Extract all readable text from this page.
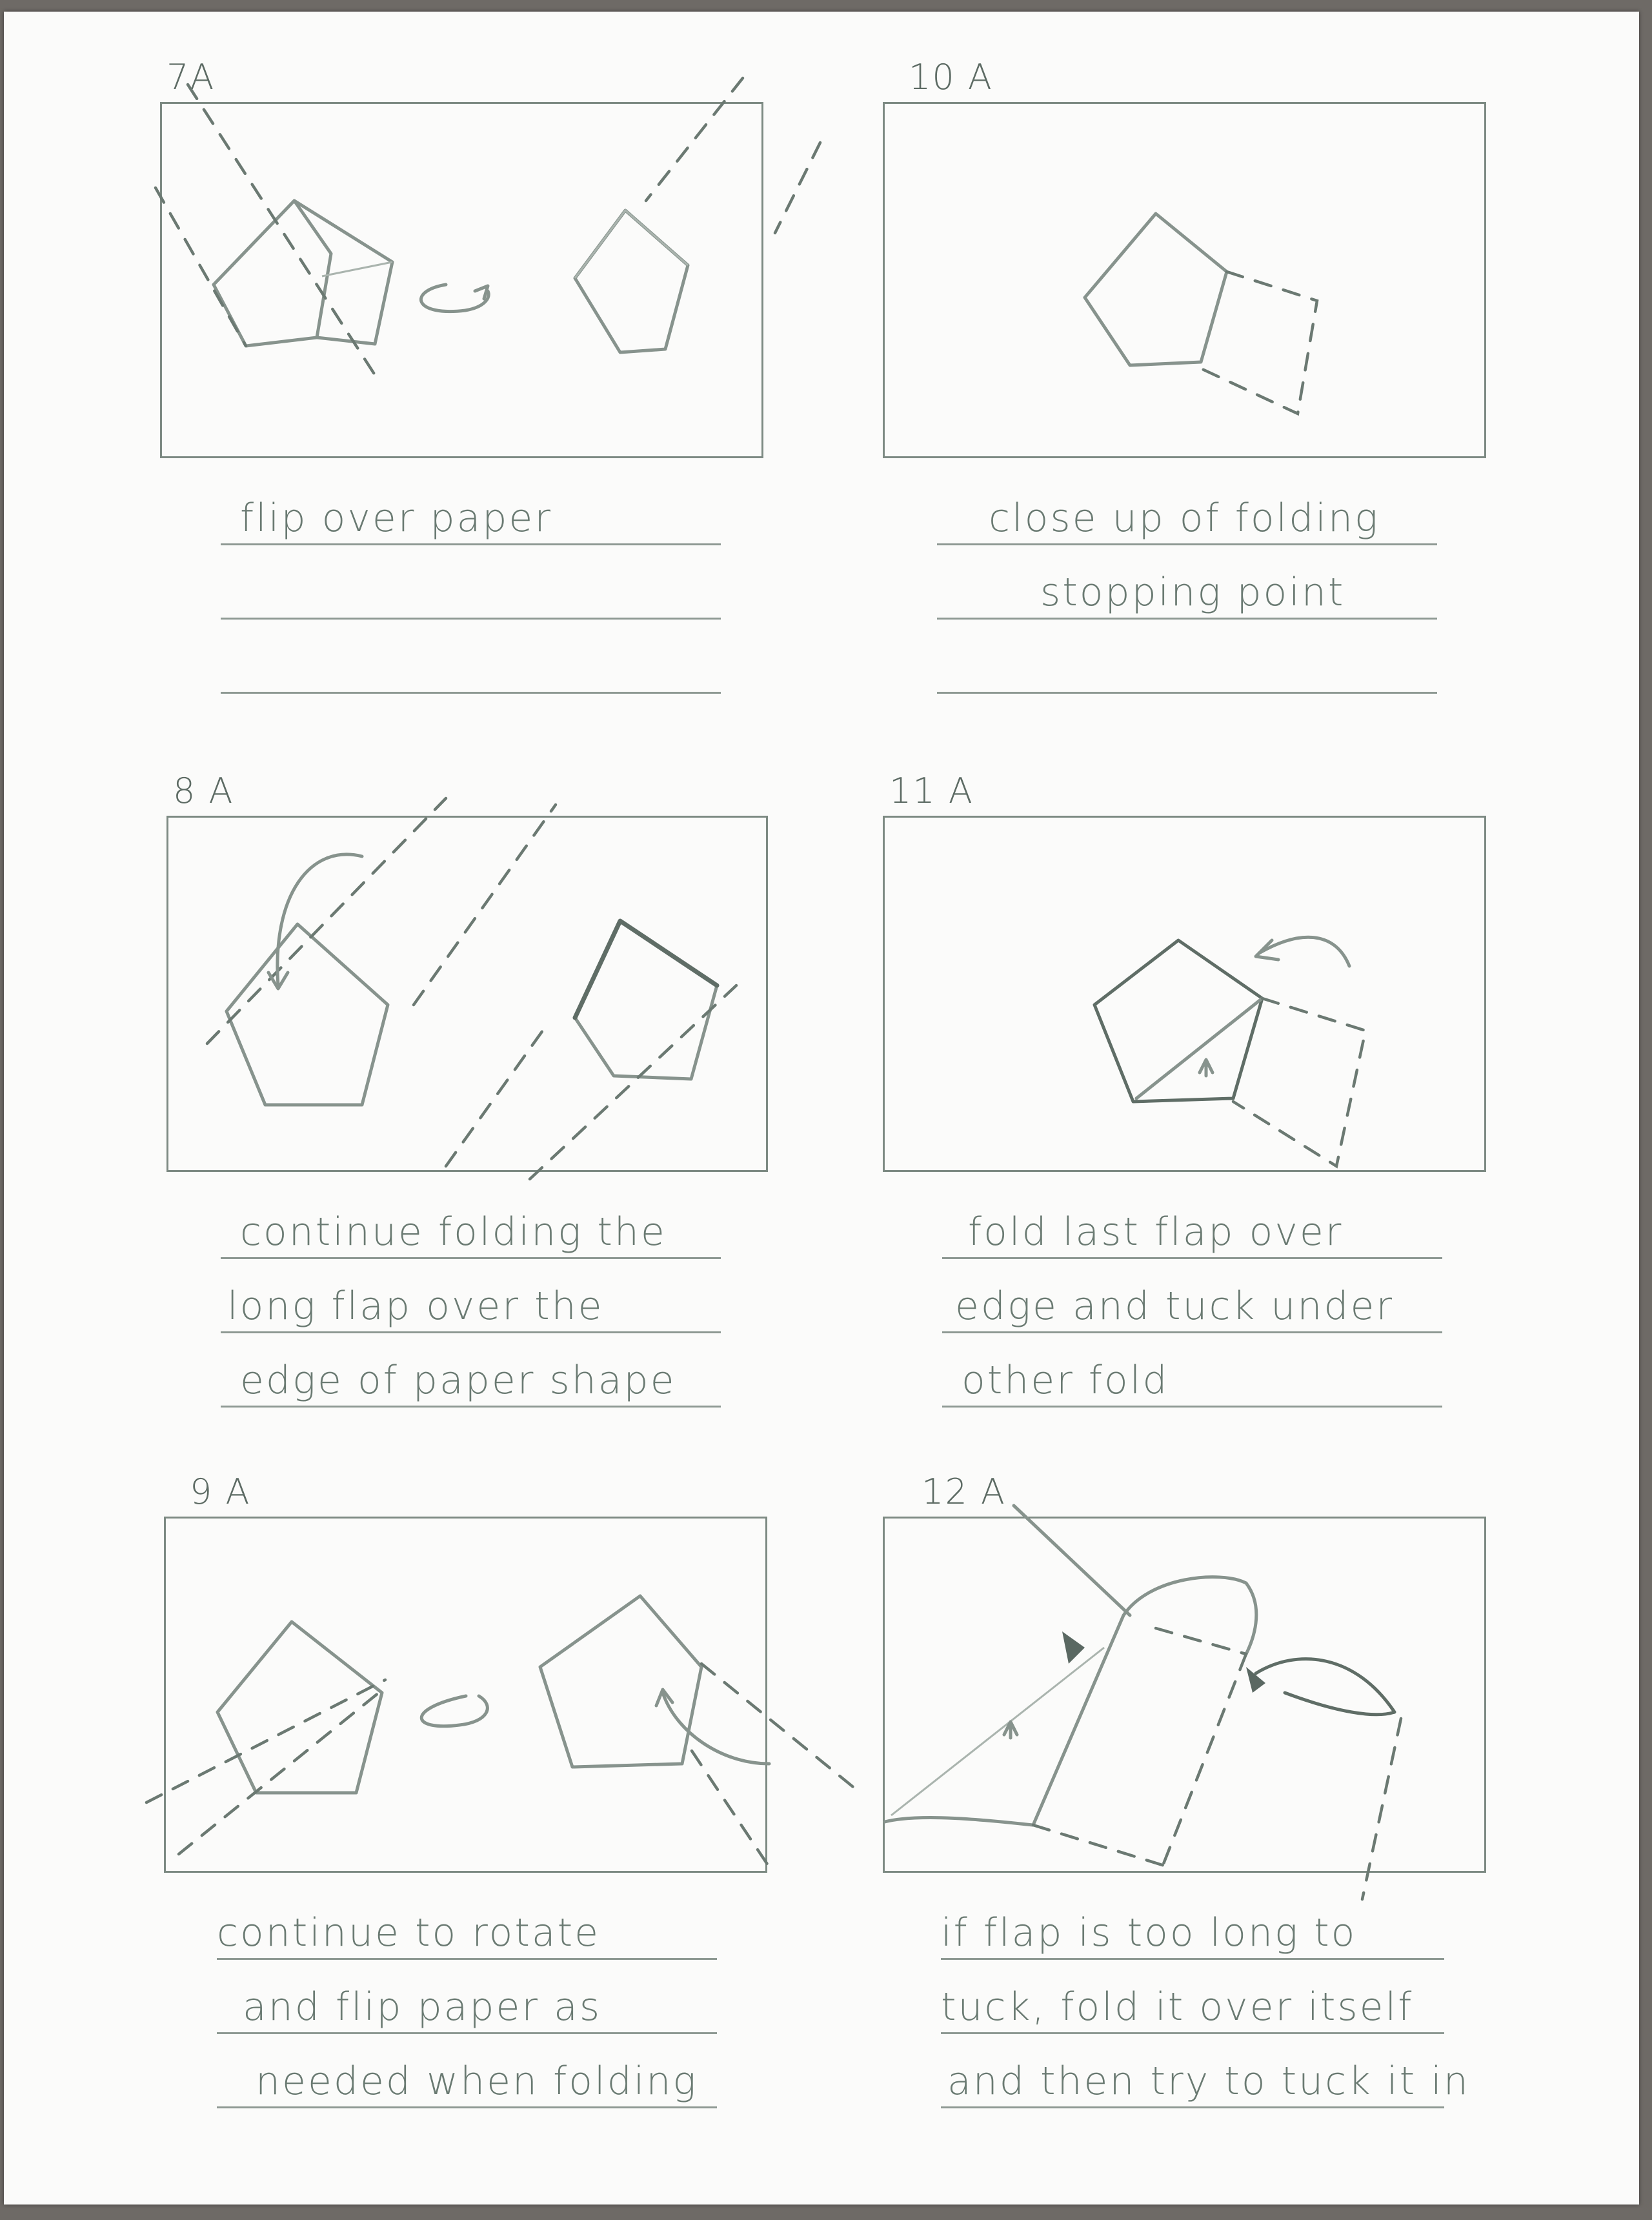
7A
flip over paper
10 A
close up of folding
stopping point
8 A
continue folding the
long flap over the
edge of paper shape
11 A
fold last flap over
edge and tuck under
other fold
9 A
continue to rotate
and flip paper as
needed when folding
12 A
if flap is too long to
tuck, fold it over itself
and then try to tuck it in
